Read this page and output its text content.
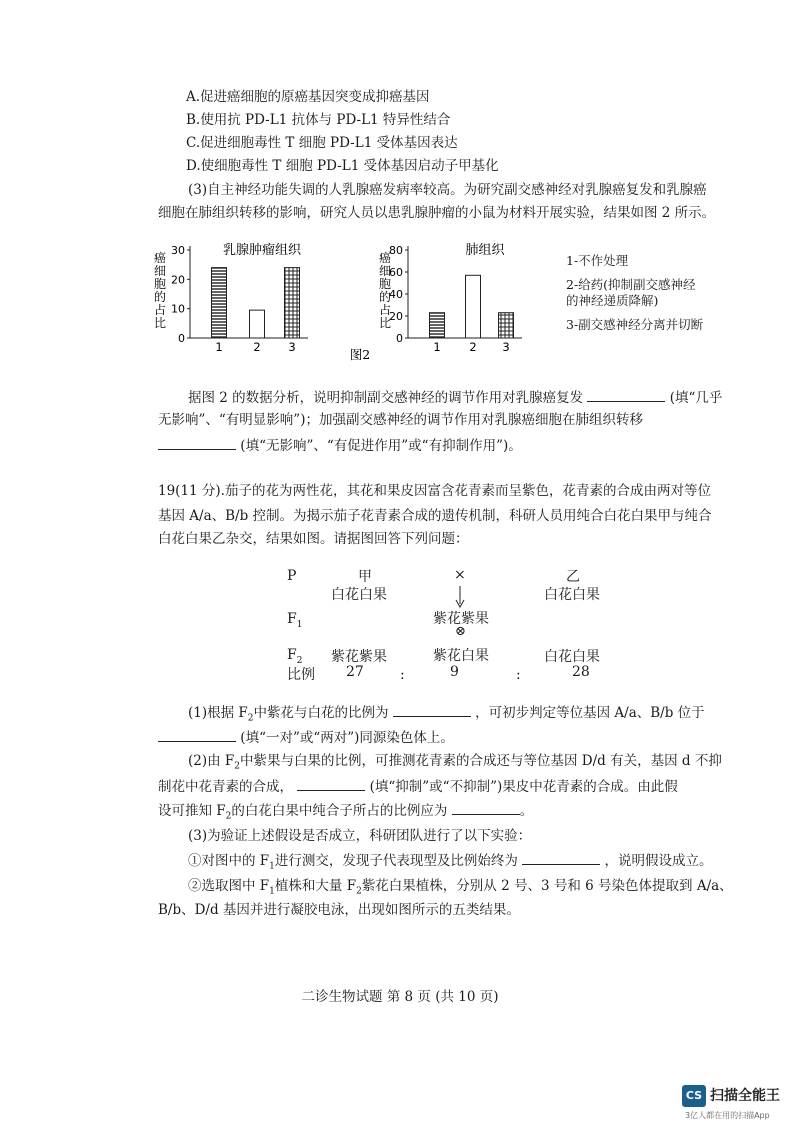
A.促进癌细胞的原癌基因突变成抑癌基因
B.使用抗 PD-L1 抗体与 PD-L1 特异性结合
C.促进细胞毒性 T 细胞 PD-L1 受体基因表达
D.使细胞毒性 T 细胞 PD-L1 受体基因启动子甲基化
(3)自主神经功能失调的人乳腺癌发病率较高。为研究副交感神经对乳腺癌复发和乳腺癌
细胞在肺组织转移的影响，研究人员以患乳腺肿瘤的小鼠为材料开展实验，结果如图 2 所示。
乳腺肿瘤组织
癌
细
胞
的
占
比
0
10
20
30
1	2 3
肺组织
癌
细
胞
的
占
比
0
20
40
60
80
1 2 3
图2
1-不作处理
2-给药(抑制副交感神经
的神经递质降解)
3-副交感神经分离并切断
据图 2 的数据分析，说明抑制副交感神经的调节作用对乳腺癌复发	(填“几乎
无影响”、“有明显影响”)；加强副交感神经的调节作用对乳腺癌细胞在肺组织转移
(填“无影响”、“有促进作用”或“有抑制作用”)。
19(11 分).茄子的花为两性花，其花和果皮因富含花青素而呈紫色，花青素的合成由两对等位
基因 A/a、B/b 控制。为揭示茄子花青素合成的遗传机制，科研人员用纯合白花白果甲与纯合
白花白果乙杂交，结果如图。请据图回答下列问题：
P	甲
白花白果
×	乙
白花白果
$F_1$	紫花紫果
⊗
$F_2$ 紫花紫果	紫花白果	白花白果
比例 27	:	9	:	28
(1)根据 $F_2$中紫花与白花的比例为	，可初步判定等位基因 A/a、B/b 位于
(填“一对”或“两对”)同源染色体上。
(2)由 $F_2$中紫果与白果的比例，可推测花青素的合成还与等位基因 D/d 有关，基因 d 不抑
制花中花青素的合成，	(填“抑制”或“不抑制”)果皮中花青素的合成。由此假
设可推知 $F_2$的白花白果中纯合子所占的比例应为	。
(3)为验证上述假设是否成立，科研团队进行了以下实验：
①对图中的 $F_1$进行测交，发现子代表现型及比例始终为	，说明假设成立。
②选取图中 $F_1$植株和大量 $F_2$紫花白果植株，分别从 2 号、3 号和 6 号染色体提取到 A/a、
B/b、D/d 基因并进行凝胶电泳，出现如图所示的五类结果。
二诊生物试题 第 8 页 (共 10 页)
CS 扫描全能王
3亿人都在用的扫描App
